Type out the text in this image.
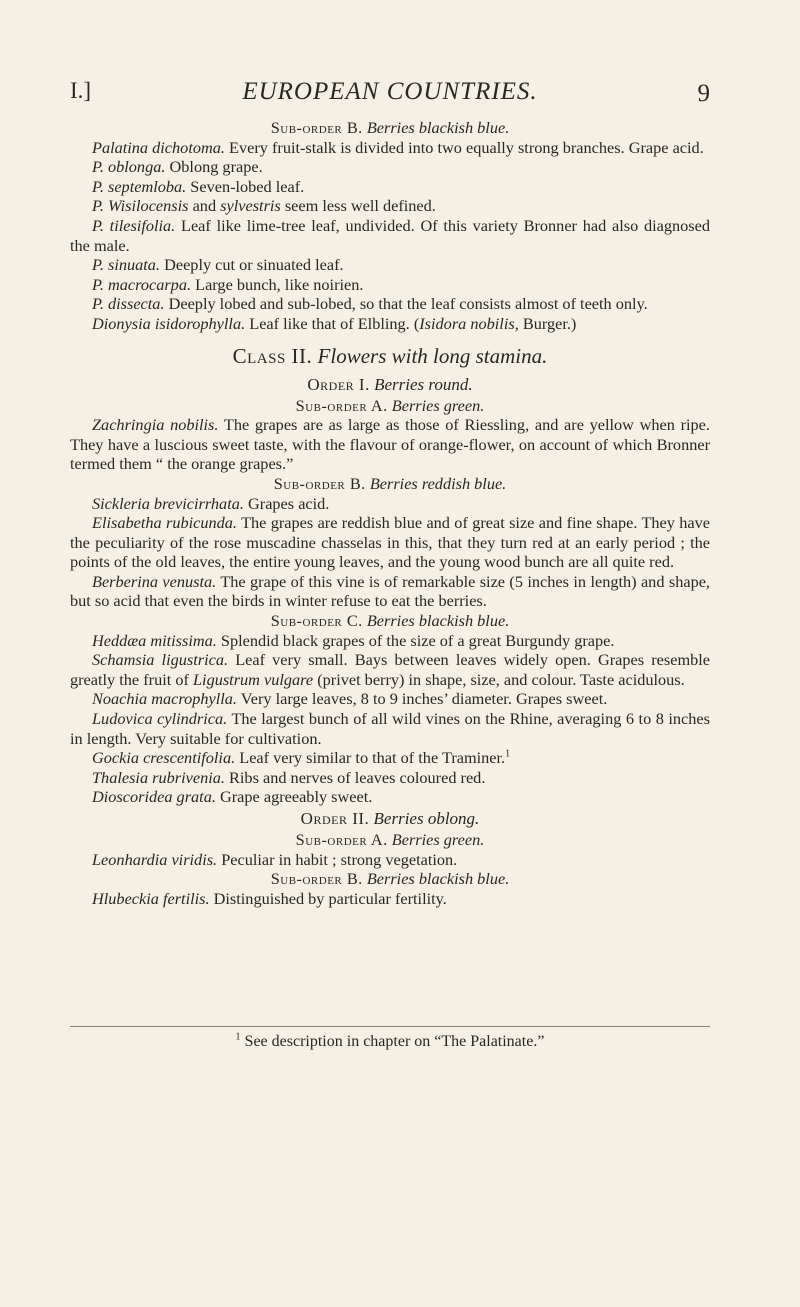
I.]	EUROPEAN COUNTRIES.	9

Sub-order B. Berries blackish blue.

Palatina dichotoma. Every fruit-stalk is divided into two equally strong branches. Grape acid.

P. oblonga. Oblong grape.

P. septemloba. Seven-lobed leaf.

P. Wisilocensis and sylvestris seem less well defined.

P. tilesifolia. Leaf like lime-tree leaf, undivided. Of this variety Bronner had also diagnosed the male.

P. sinuata. Deeply cut or sinuated leaf.

P. macrocarpa. Large bunch, like noirien.

P. dissecta. Deeply lobed and sub-lobed, so that the leaf consists almost of teeth only.

Dionysia isidorophylla. Leaf like that of Elbling. (Isidora nobilis, Burger.)

Class II. Flowers with long stamina.

Order I. Berries round.

Sub-order A. Berries green.

Zachringia nobilis. The grapes are as large as those of Riessling, and are yellow when ripe. They have a luscious sweet taste, with the flavour of orange-flower, on account of which Bronner termed them “ the orange grapes.”

Sub-order B. Berries reddish blue.

Sickleria brevicirrhata. Grapes acid.

Elisabetha rubicunda. The grapes are reddish blue and of great size and fine shape. They have the peculiarity of the rose muscadine chasselas in this, that they turn red at an early period ; the points of the old leaves, the entire young leaves, and the young wood bunch are all quite red.

Berberina venusta. The grape of this vine is of remarkable size (5 inches in length) and shape, but so acid that even the birds in winter refuse to eat the berries.

Sub-order C. Berries blackish blue.

Heddæa mitissima. Splendid black grapes of the size of a great Burgundy grape.

Schamsia ligustrica. Leaf very small. Bays between leaves widely open. Grapes resemble greatly the fruit of Ligustrum vulgare (privet berry) in shape, size, and colour. Taste acidulous.

Noachia macrophylla. Very large leaves, 8 to 9 inches’ diameter. Grapes sweet.

Ludovica cylindrica. The largest bunch of all wild vines on the Rhine, averaging 6 to 8 inches in length. Very suitable for cultivation.

Gockia crescentifolia. Leaf very similar to that of the Traminer.$^1$

Thalesia rubrivenia. Ribs and nerves of leaves coloured red.

Dioscoridea grata. Grape agreeably sweet.

Order II. Berries oblong.

Sub-order A. Berries green.

Leonhardia viridis. Peculiar in habit ; strong vegetation.

Sub-order B. Berries blackish blue.

Hlubeckia fertilis. Distinguished by particular fertility.

$^1$ See description in chapter on “The Palatinate.”
